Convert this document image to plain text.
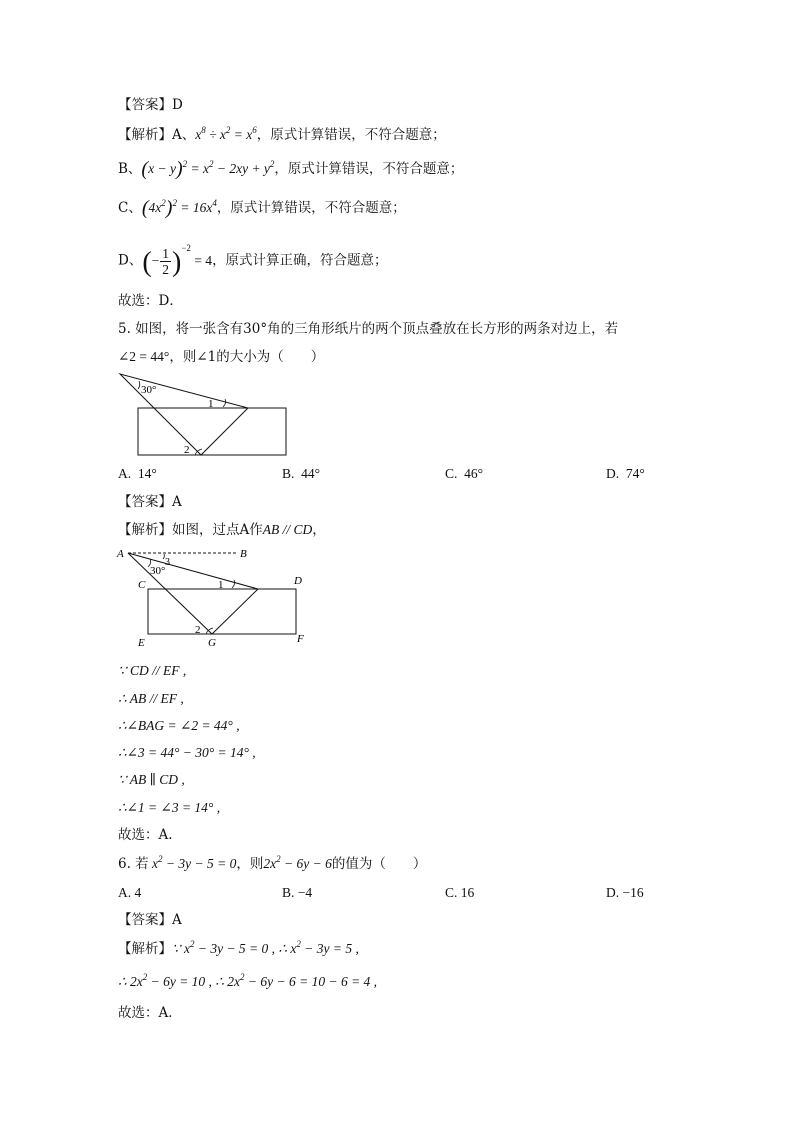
【答案】D
【解析】A、$x^8 \div x^2 = x^6$，原式计算错误，不符合题意；
B、$(x - y)^2 = x^2 - 2xy + y^2$，原式计算错误，不符合题意；
C、$(4x^2)^2 = 16x^4$，原式计算错误，不符合题意；
D、(− $\frac{1}{2} )^{-2} = 4$，原式计算正确，符合题意；
故选：D．
5. 如图，将一张含有30°角的三角形纸片的两个顶点叠放在长方形的两条对边上，若
∠2 = 44°，则∠1的大小为（　　）
30°
1
2
A. 14°	B. 44°	C. 46°	D. 74°
【答案】A
【解析】如图，过点A作AB // CD，
A	B
C	D
E	F
G
30°
3
1
2
∵ CD // EF ,
∴ AB // EF ,
∴∠BAG = ∠2 = 44° ,
∴∠3 = 44° − 30° = 14° ,
∵ AB ∥ CD ,
∴∠1 = ∠3 = 14° ,
故选：A.
6. 若 $x^2 - 3y - 5 = 0$，则$2x^2 - 6y - 6$的值为（　　）
A. 4	B. −4	C. 16	D. −16
【答案】A
【解析】∵ $x^2 - 3y - 5 = 0$ , ∴ $x^2 - 3y = 5$ ,
∴ $2x^2 - 6y = 10$ , ∴ $2x^2 - 6y - 6 = 10 - 6 = 4$ ,
故选：A．
